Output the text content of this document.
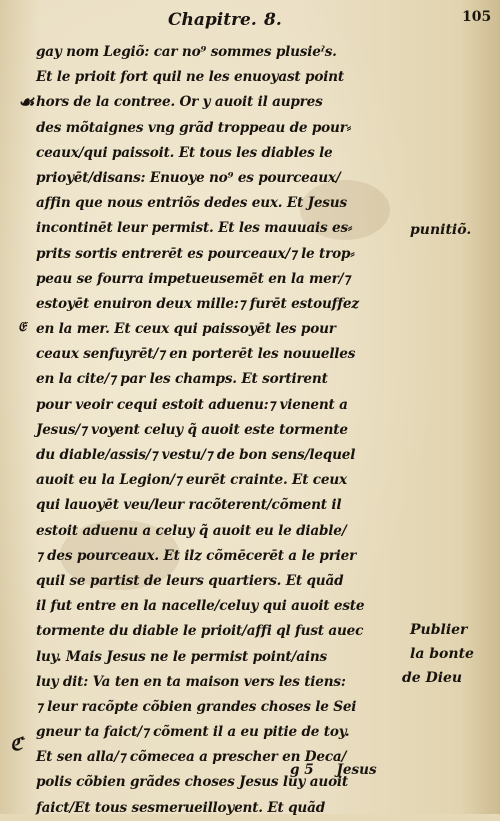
Chapitre. 8.	105
gay nom Legiõ: car no⁹ sommes plusieˀs.
Et le prioit fort quil ne les enuoyast point
hors de la contree. Or y auoit il aupres
des mõtaignes vng grãd troppeau de pour⸗
ceaux/qui paissoit. Et tous les diables le
prioyēt/disans: Enuoye no⁹ es pourceaux/
affin que nous entriõs dedes eux. Et Jesus
incontinēt leur permist. Et les mauuais es⸗
prits sortis entrerēt es pourceaux/⁊ le trop⸗
peau se fourra impetueusemēt en la mer/⁊
estoyēt enuiron deux mille:⁊ furēt estouffez
en la mer. Et ceux qui paissoyēt les pour
ceaux senfuyrēt/⁊ en porterēt les nouuelles
en la cite/⁊ par les champs. Et sortirent
pour veoir cequi estoit aduenu:⁊ vienent a
Jesus/⁊ voyent celuy q̃ auoit este tormente
du diable/assis/⁊ vestu/⁊ de bon sens/lequel
auoit eu la Legion/⁊ eurēt crainte. Et ceux
qui lauoyēt veu/leur racõterent/cõment il
estoit aduenu a celuy q̃ auoit eu le diable/
⁊ des pourceaux. Et ilz cõmēcerēt a le prier
quil se partist de leurs quartiers. Et quãd
il fut entre en la nacelle/celuy qui auoit este
tormente du diable le prioit/affi ql fust auec
luy. Mais Jesus ne le permist point/ains
luy dit: Va ten en ta maison vers les tiens:
⁊ leur racõpte cõbien grandes choses le Sei
gneur ta faict/⁊ cõment il a eu pitie de toy.
Et sen alla/⁊ cõmecea a prescher en Deca/
polis cõbien grãdes choses Jesus luy auoit
faict/Et tous sesmerueilloyent. Et quãd
☙
𝔈
ℭ
punitiõ.
Publier
la bonte
de Dieu
g 5 Jesus
